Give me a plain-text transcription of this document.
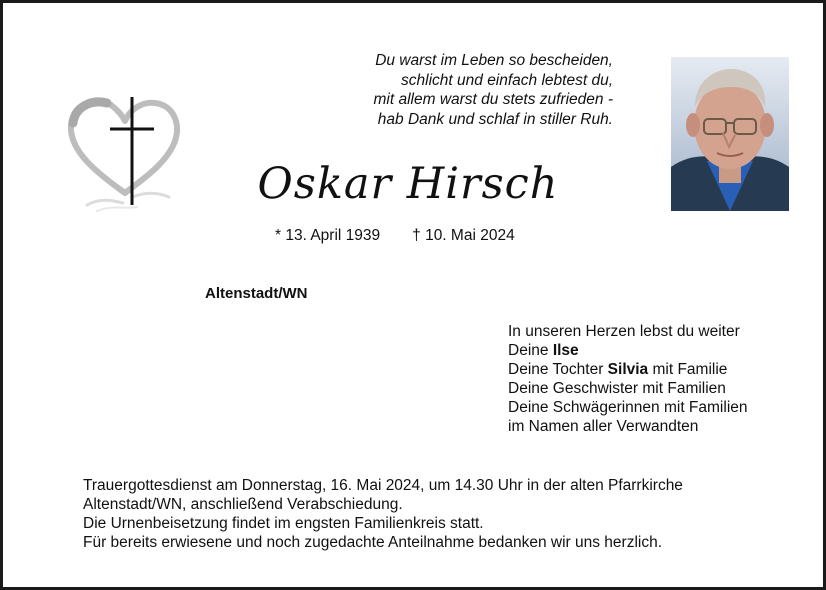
Du warst im Leben so bescheiden,
schlicht und einfach lebtest du,
mit allem warst du stets zufrieden -
hab Dank und schlaf in stiller Ruh.
Oskar Hirsch
* 13. April 1939 † 10. Mai 2024
Altenstadt/WN
In unseren Herzen lebst du weiter
Deine Ilse
Deine Tochter Silvia mit Familie
Deine Geschwister mit Familien
Deine Schwägerinnen mit Familien
im Namen aller Verwandten
Trauergottesdienst am Donnerstag, 16. Mai 2024, um 14.30 Uhr in der alten Pfarrkirche
Altenstadt/WN, anschließend Verabschiedung.
Die Urnenbeisetzung findet im engsten Familienkreis statt.
Für bereits erwiesene und noch zugedachte Anteilnahme bedanken wir uns herzlich.
